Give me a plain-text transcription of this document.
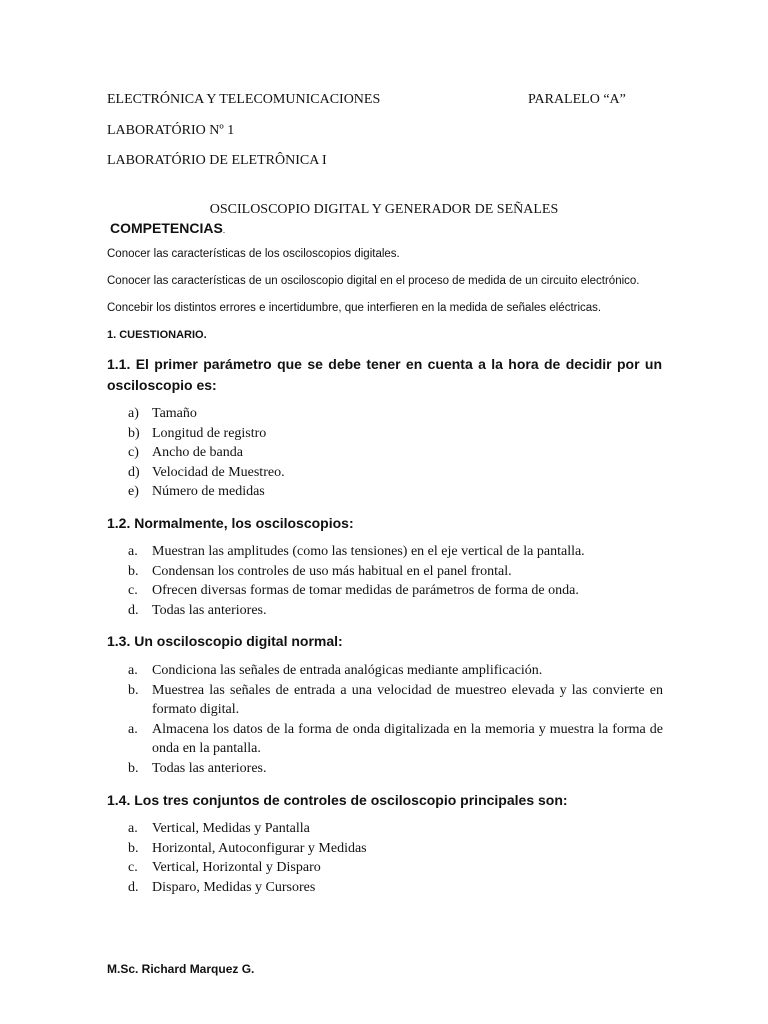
ELECTRÓNICA Y TELECOMUNICACIONES	PARALELO “A”
LABORATÓRIO Nº 1
LABORATÓRIO DE ELETRÔNICA I
OSCILOSCOPIO DIGITAL Y GENERADOR DE SEÑALES
COMPETENCIAS.
Conocer las características de los osciloscopios digitales.
Conocer las características de un osciloscopio digital en el proceso de medida de un circuito electrónico.
Concebir los distintos errores e incertidumbre, que interfieren en la medida de señales eléctricas.
1. CUESTIONARIO.
1.1. El primer parámetro que se debe tener en cuenta a la hora de decidir por un osciloscopio es:
a) Tamaño
b) Longitud de registro
c) Ancho de banda
d) Velocidad de Muestreo.
e) Número de medidas
1.2. Normalmente, los osciloscopios:
a.	Muestran las amplitudes (como las tensiones) en el eje vertical de la pantalla.
b. Condensan los controles de uso más habitual en el panel frontal.
c.	Ofrecen diversas formas de tomar medidas de parámetros de forma de onda.
d. Todas las anteriores.
1.3. Un osciloscopio digital normal:
a.	Condiciona las señales de entrada analógicas mediante amplificación.
b. Muestrea las señales de entrada a una velocidad de muestreo elevada y las convierte en formato digital.
a.	Almacena los datos de la forma de onda digitalizada en la memoria y muestra la forma de onda en la pantalla.
b. Todas las anteriores.
1.4. Los tres conjuntos de controles de osciloscopio principales son:
a.	Vertical, Medidas y Pantalla
b. Horizontal, Autoconfigurar y Medidas
c.	Vertical, Horizontal y Disparo
d. Disparo, Medidas y Cursores
M.Sc. Richard Marquez G.
